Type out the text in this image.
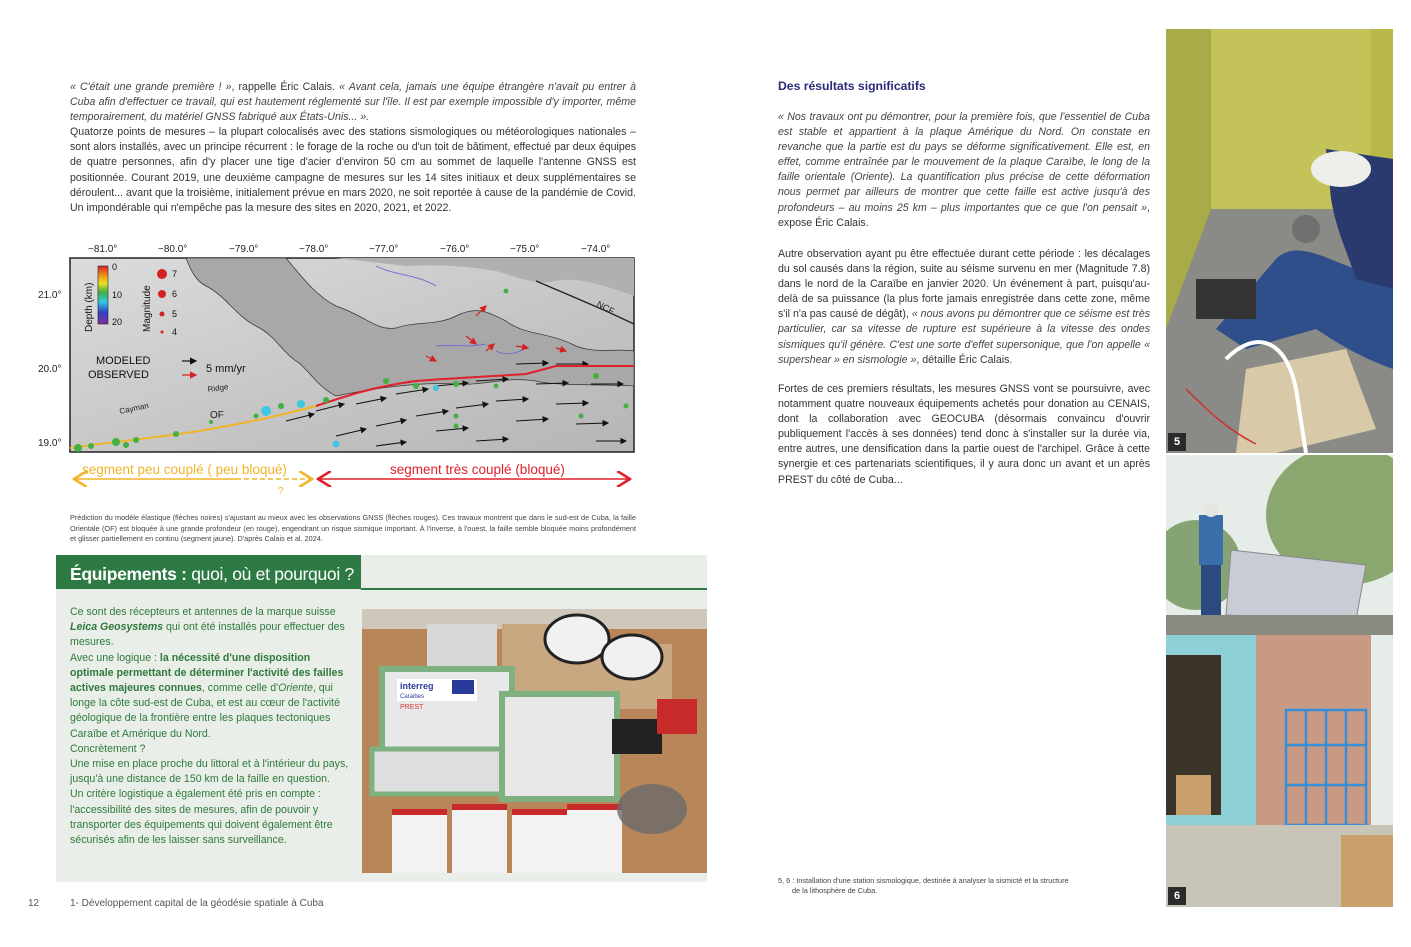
« C'était une grande première ! », rappelle Éric Calais. « Avant cela, jamais une équipe étrangère n'avait pu entrer à Cuba afin d'effectuer ce travail, qui est hautement réglementé sur l'île. Il est par exemple impossible d'y importer, même temporairement, du matériel GNSS fabriqué aux États-Unis... ».
Quatorze points de mesures – la plupart colocalisés avec des stations sismologiques ou météorologiques nationales – sont alors installés, avec un principe récurrent : le forage de la roche ou d'un toit de bâtiment, effectué par deux équipes de quatre personnes, afin d'y placer une tige d'acier d'environ 50 cm au sommet de laquelle l'antenne GNSS est positionnée. Courant 2019, une deuxième campagne de mesures sur les 14 sites initiaux et deux supplémentaires se déroulent... avant que la troisième, initialement prévue en mars 2020, ne soit reportée à cause de la pandémie de Covid. Un impondérable qui n'empêche pas la mesure des sites en 2020, 2021, et 2022.
0
10
20
Depth (km)	Magnitude
7
6
5
4
MODELED
OBSERVED	5 mm/yr
Cayman
Ridge
OF
NCF
−81.0°	−80.0°	−79.0°	−78.0°	−77.0°	−76.0°	−75.0°	−74.0°
21.0°
20.0°
19.0°
segment peu couplé ( peu bloqué)
?
segment très couplé (bloqué)
Prédiction du modèle élastique (flèches noires) s'ajustant au mieux avec les observations GNSS (flèches rouges). Ces travaux montrent que dans le sud-est de Cuba, la faille Orientale (OF) est bloquée à une grande profondeur (en rouge), engendrant un risque sismique important. À l'inverse, à l'ouest, la faille semble bloquée moins profondément et glisser partiellement en continu (segment jaune). D'après Calais et al. 2024.
Équipements : quoi, où et pourquoi ?
Ce sont des récepteurs et antennes de la marque suisse Leica Geosystems qui ont été installés pour effectuer des mesures.
Avec une logique : la nécessité d'une disposition optimale permettant de déterminer l'activité des failles actives majeures connues, comme celle d'Oriente, qui longe la côte sud-est de Cuba, et est au cœur de l'activité géologique de la frontière entre les plaques tectoniques Caraïbe et Amérique du Nord.
Concrètement ?
Une mise en place proche du littoral et à l'intérieur du pays, jusqu'à une distance de 150 km de la faille en question.
Un critère logistique a également été pris en compte : l'accessibilité des sites de mesures, afin de pouvoir y transporter des équipements qui doivent également être sécurisés afin de les laisser sans surveillance.
interreg
Caraibes
PREST
12	1- Développement capital de la géodésie spatiale à Cuba
Des résultats significatifs
« Nos travaux ont pu démontrer, pour la première fois, que l'essentiel de Cuba est stable et appartient à la plaque Amérique du Nord. On constate en revanche que la partie est du pays se déforme significativement. Elle est, en effet, comme entraînée par le mouvement de la plaque Caraïbe, le long de la faille orientale (Oriente). La quantification plus précise de cette déformation nous permet par ailleurs de montrer que cette faille est active jusqu'à des profondeurs – au moins 25 km – plus importantes que ce que l'on pensait », expose Éric Calais.
Autre observation ayant pu être effectuée durant cette période : les décalages du sol causés dans la région, suite au séisme survenu en mer (Magnitude 7.8) dans le nord de la Caraïbe en janvier 2020. Un événement à part, puisqu'au-delà de sa puissance (la plus forte jamais enregistrée dans cette zone, même s'il n'a pas causé de dégât), « nous avons pu démontrer que ce séisme est très particulier, car sa vitesse de rupture est supérieure à la vitesse des ondes sismiques qu'il génère. C'est une sorte d'effet supersonique, que l'on appelle « supershear » en sismologie », détaille Éric Calais.
Fortes de ces premiers résultats, les mesures GNSS vont se poursuivre, avec notamment quatre nouveaux équipements achetés pour donation au CENAIS, dont la collaboration avec GEOCUBA (désormais convaincu d'ouvrir publiquement l'accès à ses données) tend donc à s'installer sur la durée via, entre autres, une densification dans la partie ouest de l'archipel. Grâce à cette synergie et ces partenariats scientifiques, il y aura donc un avant et un après PREST du côté de Cuba...
5, 6 : Installation d'une station sismologique, destinée à analyser la sismicté et la structure
de la lithosphère de Cuba.
5
6
